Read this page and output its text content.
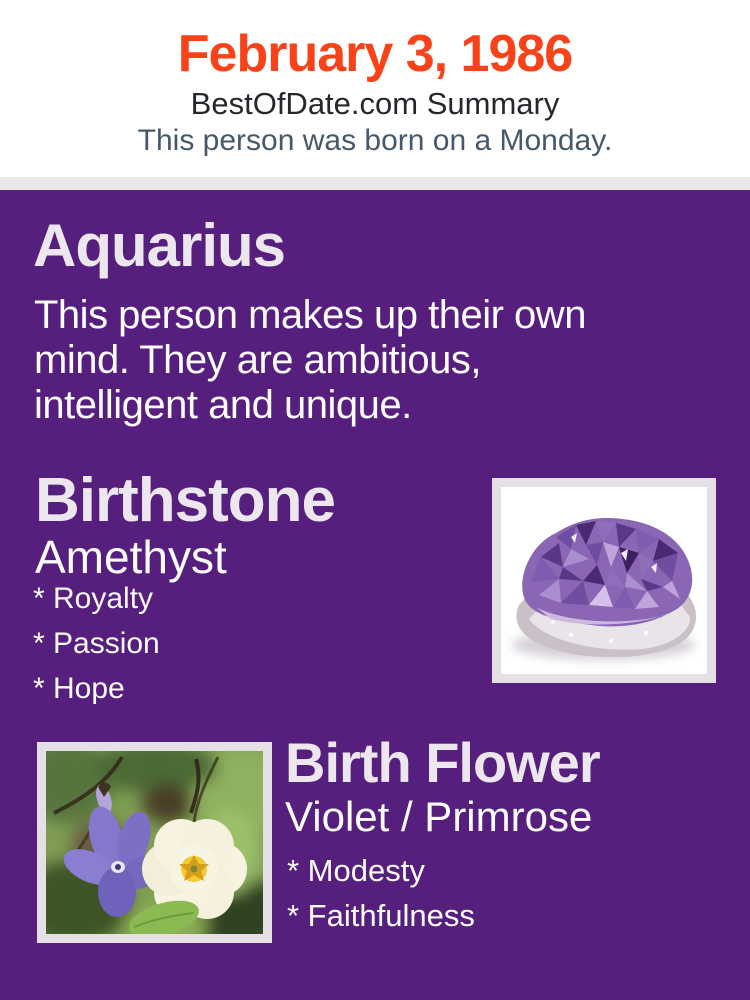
February 3, 1986
BestOfDate.com Summary
This person was born on a Monday.
Aquarius
This person makes up their own
mind. They are ambitious,
intelligent and unique.
Birthstone
Amethyst
* Royalty
* Passion
* Hope
Birth Flower
Violet / Primrose
* Modesty
* Faithfulness
